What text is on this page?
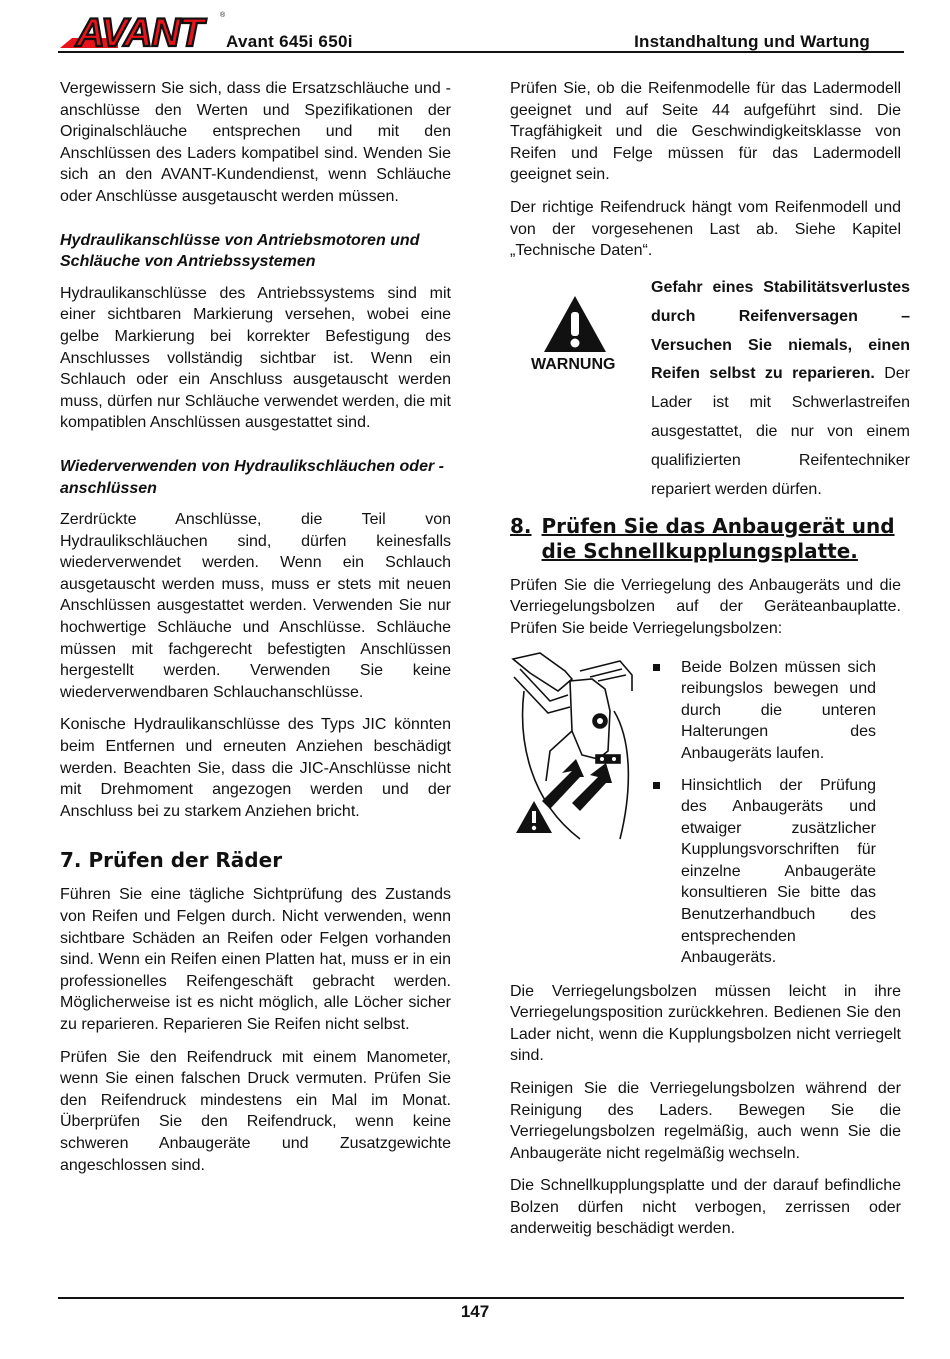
AVANT	®
Avant 645i 650i	Instandhaltung und Wartung

Vergewissern Sie sich, dass die Ersatzschläuche und -anschlüsse den Werten und Spezifikationen der Originalschläuche entsprechen und mit den Anschlüssen des Laders kompatibel sind. Wenden Sie sich an den AVANT-Kundendienst, wenn Schläuche oder Anschlüsse ausgetauscht werden müssen.

Hydraulikanschlüsse von Antriebsmotoren und Schläuche von Antriebssystemen

Hydraulikanschlüsse des Antriebssystems sind mit einer sichtbaren Markierung versehen, wobei eine gelbe Markierung bei korrekter Befestigung des Anschlusses vollständig sichtbar ist. Wenn ein Schlauch oder ein Anschluss ausgetauscht werden muss, dürfen nur Schläuche verwendet werden, die mit kompatiblen Anschlüssen ausgestattet sind.

Wiederverwenden von Hydraulikschläuchen oder -anschlüssen

Zerdrückte Anschlüsse, die Teil von Hydraulikschläuchen sind, dürfen keinesfalls wiederverwendet werden. Wenn ein Schlauch ausgetauscht werden muss, muss er stets mit neuen Anschlüssen ausgestattet werden. Verwenden Sie nur hochwertige Schläuche und Anschlüsse. Schläuche müssen mit fachgerecht befestigten Anschlüssen hergestellt werden. Verwenden Sie keine wiederverwendbaren Schlauchanschlüsse.

Konische Hydraulikanschlüsse des Typs JIC könnten beim Entfernen und erneuten Anziehen beschädigt werden. Beachten Sie, dass die JIC-Anschlüsse nicht mit Drehmoment angezogen werden und der Anschluss bei zu starkem Anziehen bricht.

7. Prüfen der Räder

Führen Sie eine tägliche Sichtprüfung des Zustands von Reifen und Felgen durch. Nicht verwenden, wenn sichtbare Schäden an Reifen oder Felgen vorhanden sind. Wenn ein Reifen einen Platten hat, muss er in ein professionelles Reifengeschäft gebracht werden. Möglicherweise ist es nicht möglich, alle Löcher sicher zu reparieren. Reparieren Sie Reifen nicht selbst.

Prüfen Sie den Reifendruck mit einem Manometer, wenn Sie einen falschen Druck vermuten. Prüfen Sie den Reifendruck mindestens ein Mal im Monat. Überprüfen Sie den Reifendruck, wenn keine schweren Anbaugeräte und Zusatzgewichte angeschlossen sind.

Prüfen Sie, ob die Reifenmodelle für das Ladermodell geeignet und auf Seite 44 aufgeführt sind. Die Tragfähigkeit und die Geschwindigkeitsklasse von Reifen und Felge müssen für das Ladermodell geeignet sein.

Der richtige Reifendruck hängt vom Reifenmodell und von der vorgesehenen Last ab. Siehe Kapitel „Technische Daten“.

WARNUNG
Gefahr eines Stabilitätsverlustes durch Reifenversagen – Versuchen Sie niemals, einen Reifen selbst zu reparieren. Der Lader ist mit Schwerlastreifen ausgestattet, die nur von einem qualifizierten Reifentechniker repariert werden dürfen.
8. Prüfen Sie das Anbaugerät und die Schnellkupplungsplatte.

Prüfen Sie die Verriegelung des Anbaugeräts und die Verriegelungsbolzen auf der Geräteanbauplatte. Prüfen Sie beide Verriegelungsbolzen:

Beide Bolzen müssen sich reibungslos bewegen und durch die unteren Halterungen des Anbaugeräts laufen.
Hinsichtlich der Prüfung des Anbaugeräts und etwaiger zusätzlicher Kupplungsvorschriften für einzelne Anbaugeräte konsultieren Sie bitte das Benutzerhandbuch des entsprechenden Anbaugeräts.

Die Verriegelungsbolzen müssen leicht in ihre Verriegelungsposition zurückkehren. Bedienen Sie den Lader nicht, wenn die Kupplungsbolzen nicht verriegelt sind.

Reinigen Sie die Verriegelungsbolzen während der Reinigung des Laders. Bewegen Sie die Verriegelungsbolzen regelmäßig, auch wenn Sie die Anbaugeräte nicht regelmäßig wechseln.

Die Schnellkupplungsplatte und der darauf befindliche Bolzen dürfen nicht verbogen, zerrissen oder anderweitig beschädigt werden.

147
